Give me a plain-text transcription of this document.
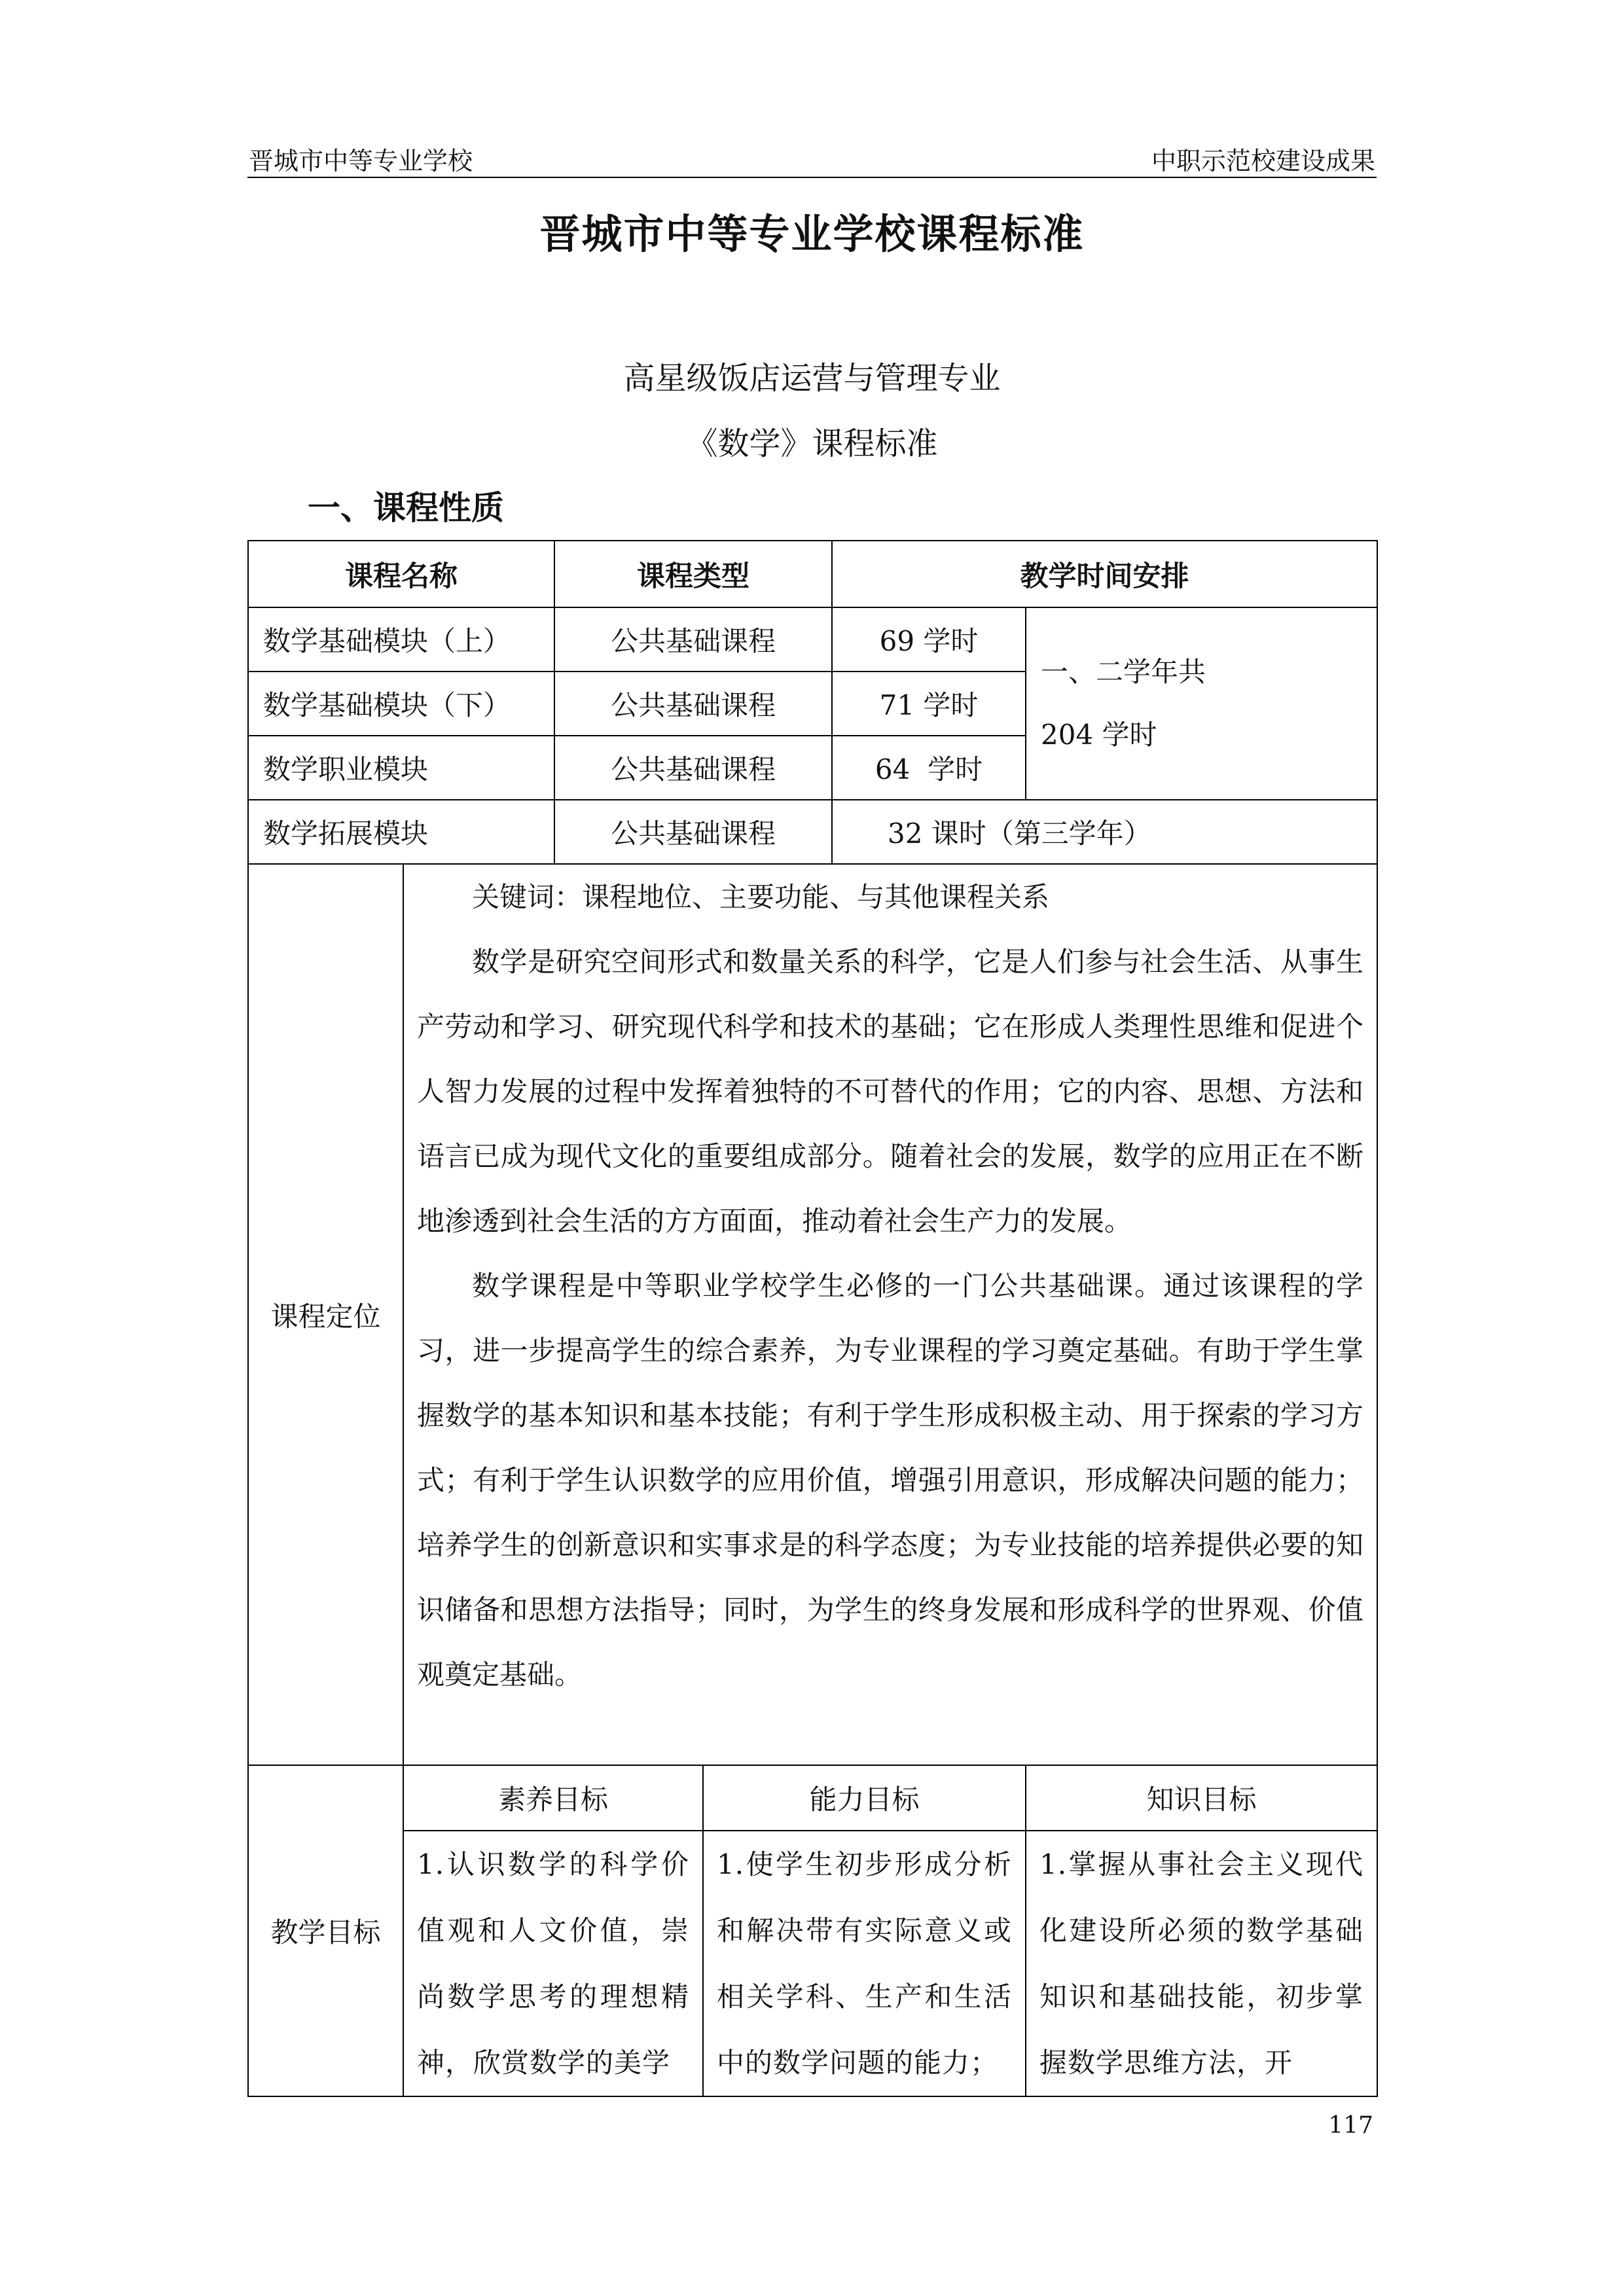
晋城市中等专业学校	中职示范校建设成果
晋城市中等专业学校课程标准
高星级饭店运营与管理专业
《数学》课程标准
一、课程性质
课程名称		课程类型		教学时间安排	
数学基础模块（上）		公共基础课程		69 学时	一、二学年共
204 学时

数学基础模块（下）		公共基础课程		71 学时	
数学职业模块		公共基础课程		64  学时	
数学拓展模块		公共基础课程		32 课时（第三学年）	
课程定位	关键词：课程地位、主要功能、与其他课程关系

数学是研究空间形式和数量关系的科学，它是人们参与社会生活、从事生产劳动和学习、研究现代科学和技术的基础；它在形成人类理性思维和促进个人智力发展的过程中发挥着独特的不可替代的作用；它的内容、思想、方法和语言已成为现代文化的重要组成部分。随着社会的发展，数学的应用正在不断地渗透到社会生活的方方面面，推动着社会生产力的发展。

数学课程是中等职业学校学生必修的一门公共基础课。通过该课程的学习，进一步提高学生的综合素养，为专业课程的学习奠定基础。有助于学生掌握数学的基本知识和基本技能；有利于学生形成积极主动、用于探索的学习方式；有利于学生认识数学的应用价值，增强引用意识，形成解决问题的能力；培养学生的创新意识和实事求是的科学态度；为专业技能的培养提供必要的知识储备和思想方法指导；同时，为学生的终身发展和形成科学的世界观、价值观奠定基础。				

教学目标	素养目标		能力目标		知识目标
	1.认识数学的科学价值观和人文价值，崇尚数学思考的理想精神，欣赏数学的美学		1.使学生初步形成分析和解决带有实际意义或相关学科、生产和生活中的数学问题的能力；		1.掌握从事社会主义现代化建设所必须的数学基础知识和基础技能，初步掌握数学思维方法，开
117
